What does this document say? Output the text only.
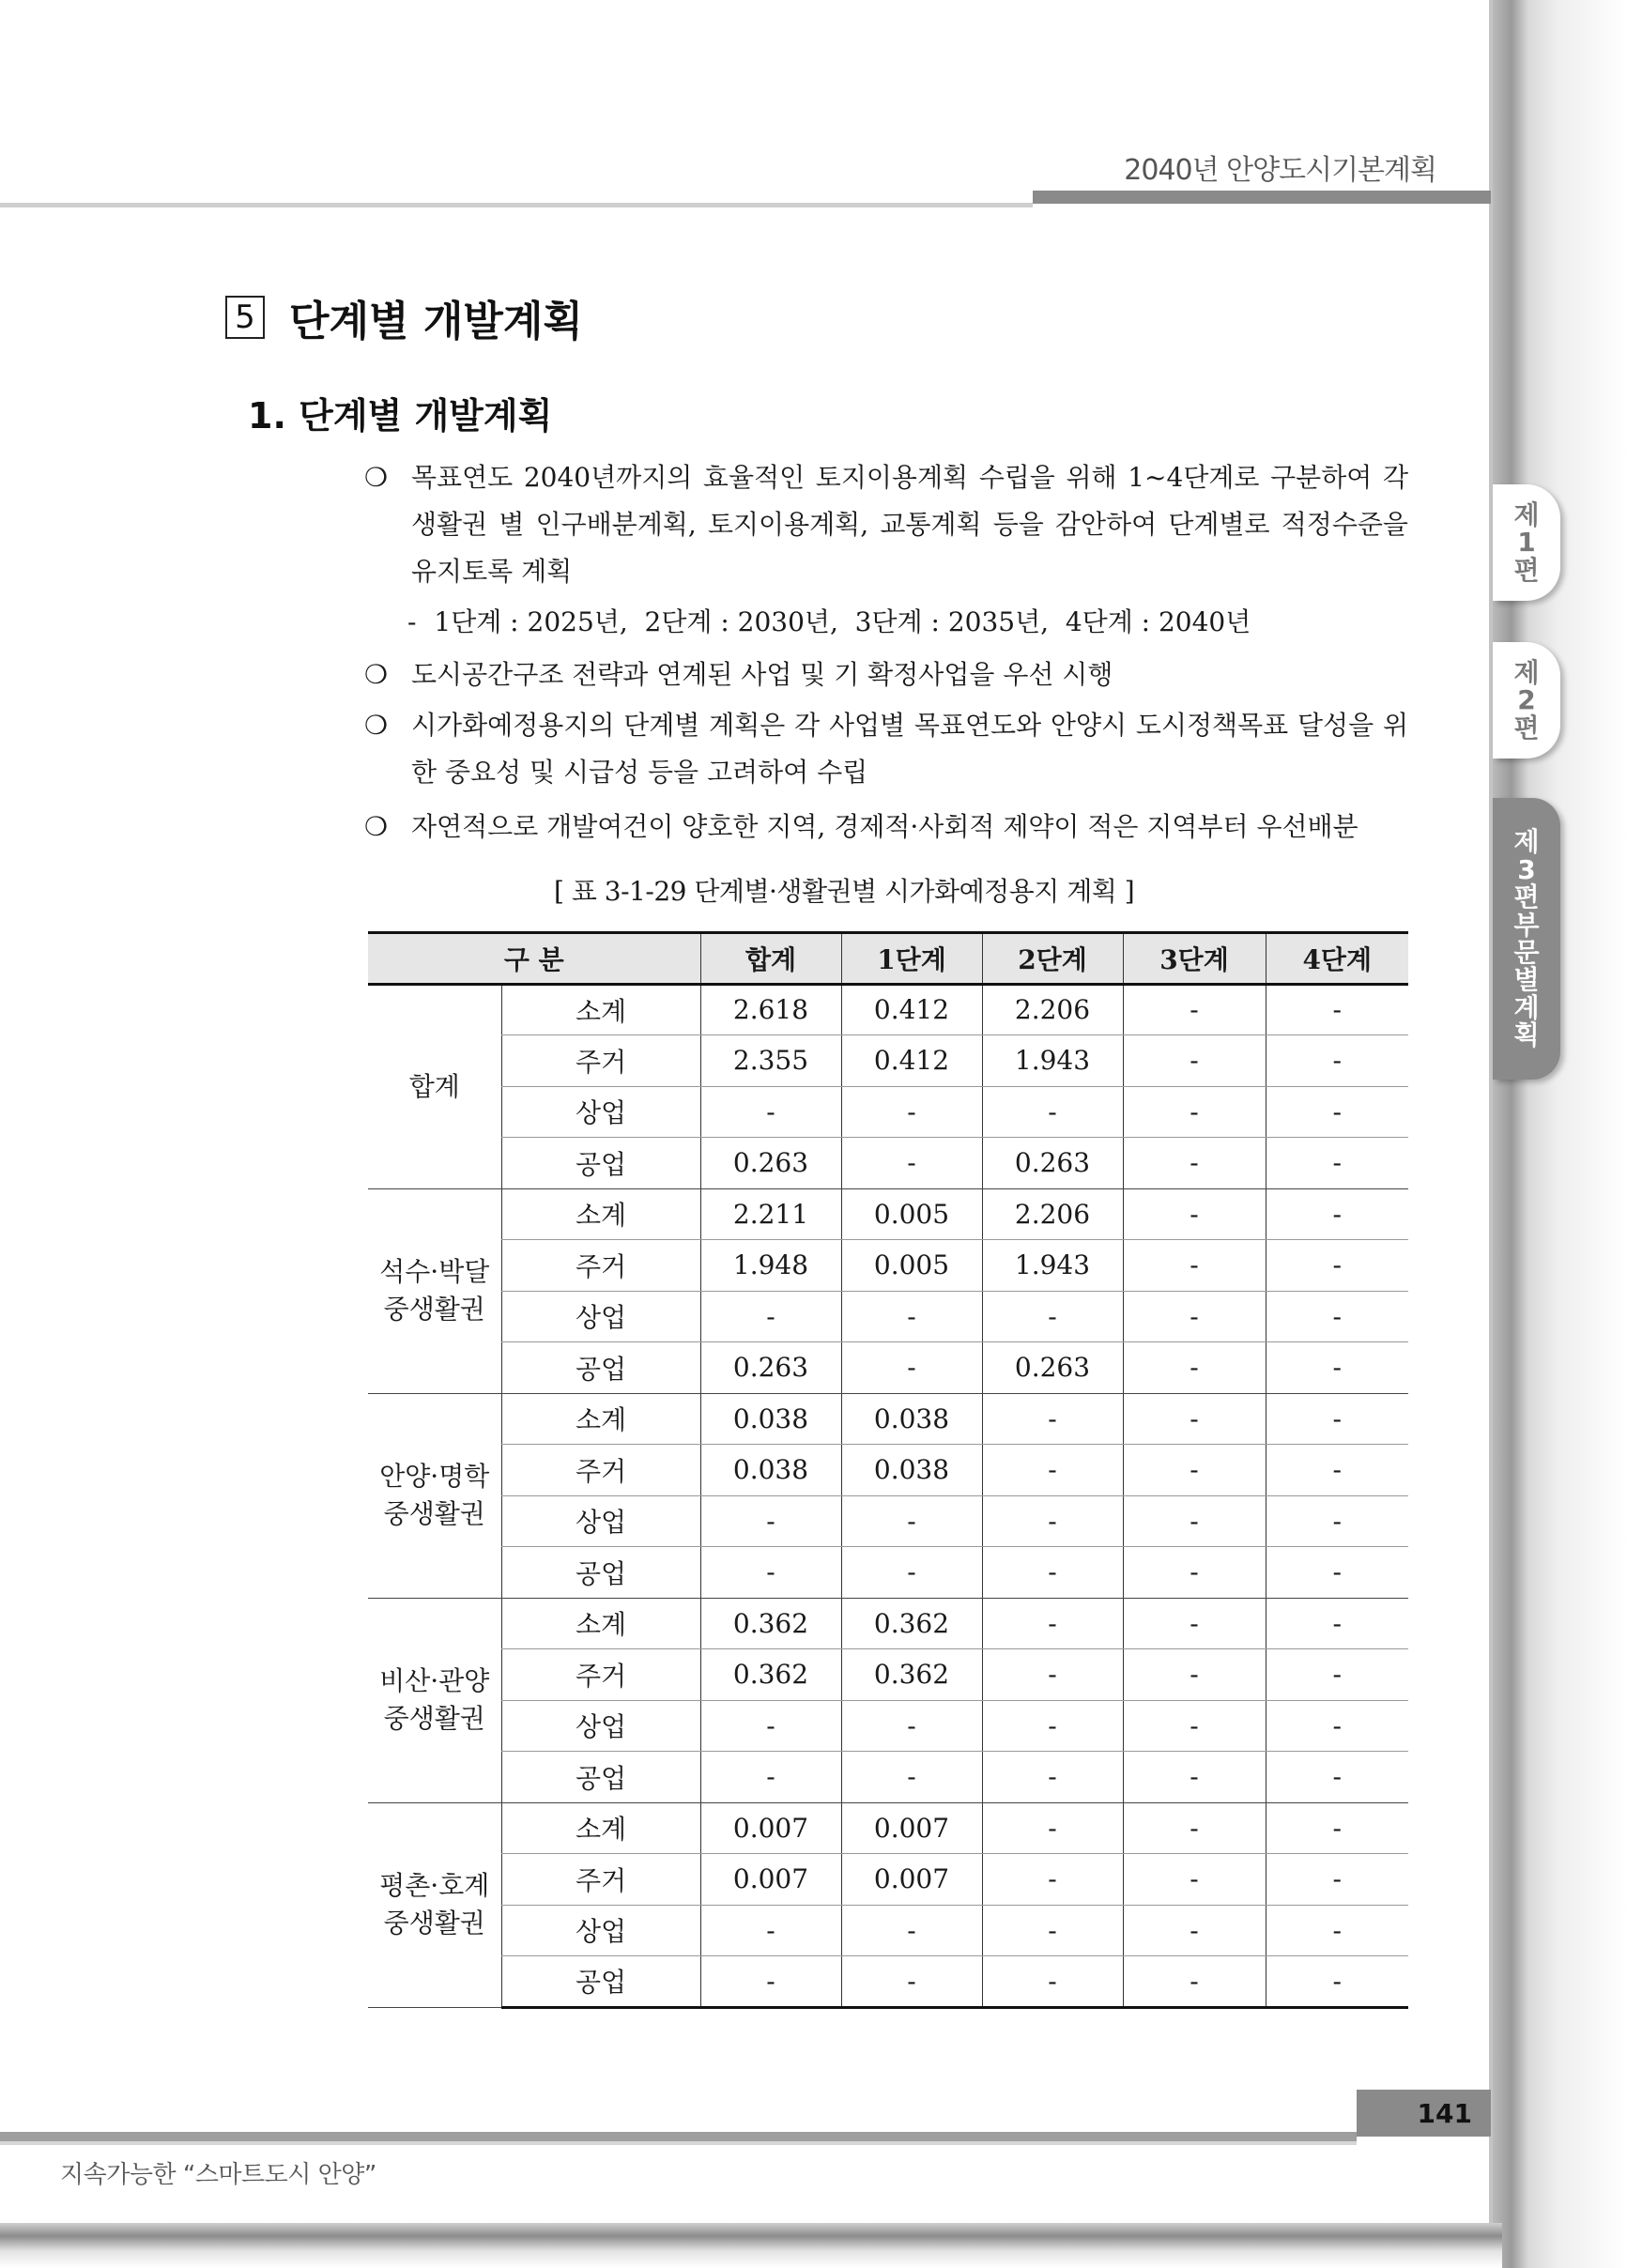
2040년 안양도시기본계획
제
1
편
제
2
편
제
3
편
부
문
별
계
획
5 단계별 개발계획
1. 단계별 개발계획
❍ 목표연도 2040년까지의 효율적인 토지이용계획 수립을 위해 1~4단계로 구분하여 각 생활권 별 인구배분계획, 토지이용계획, 교통계획 등을 감안하여 단계별로 적정수준을 유지토록 계획
- 1단계 : 2025년,  2단계 : 2030년,  3단계 : 2035년,  4단계 : 2040년
❍ 도시공간구조 전략과 연계된 사업 및 기 확정사업을 우선 시행
❍ 시가화예정용지의 단계별 계획은 각 사업별 목표연도와 안양시 도시정책목표 달성을 위한 중요성 및 시급성 등을 고려하여 수립
❍ 자연적으로 개발여건이 양호한 지역, 경제적·사회적 제약이 적은 지역부터 우선배분
[ 표 3-1-29 단계별·생활권별 시가화예정용지 계획 ]
구 분		합계	1단계	2단계	3단계	4단계

합계	소계	2.618	0.412	2.206	-	-
	주거	2.355	0.412	1.943	-	-
	상업	-	-	-	-	-
	공업	0.263	-	0.263	-	-

석수·박달
중생활권	소계	2.211	0.005	2.206	-	-
	주거	1.948	0.005	1.943	-	-
	상업	-	-	-	-	-
	공업	0.263	-	0.263	-	-

안양·명학
중생활권	소계	0.038	0.038	-	-	-
	주거	0.038	0.038	-	-	-
	상업	-	-	-	-	-
	공업	-	-	-	-	-

비산·관양
중생활권	소계	0.362	0.362	-	-	-
	주거	0.362	0.362	-	-	-
	상업	-	-	-	-	-
	공업	-	-	-	-	-

평촌·호계
중생활권	소계	0.007	0.007	-	-	-
	주거	0.007	0.007	-	-	-
	상업	-	-	-	-	-
	공업	-	-	-	-	-
141
지속가능한 “스마트도시 안양”
